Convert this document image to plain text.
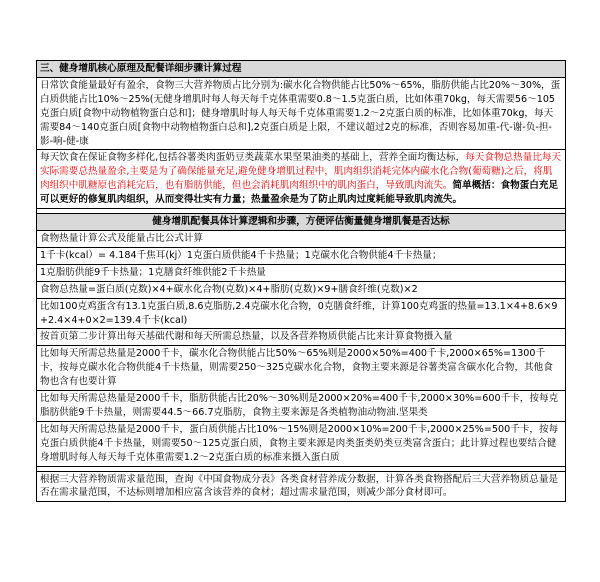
三、健身增肌核心原理及配餐详细步骤计算过程
日常饮食能量最好有盈余，食物三大营养物质占比分别为:碳水化合物供能占比50%～65%，脂肪供能占比20%～30%，蛋白质供能占比10%～25%(无健身增肌时每人每天每千克体重需要0.8～1.5克蛋白质，比如体重70kg，每天需要56～105克蛋白质[食物中动物植物蛋白总和]；健身增肌时每人每天每千克体重需要1.2～2克蛋白质的标准，比如体重70kg，每天需要84～140克蛋白质[食物中动物植物蛋白总和],2克蛋白质是上限，不建议超过2克的标准，否则容易加重-代-谢-负-担-影-响-健-康
每天饮食在保证食物多样化,包括谷薯类肉蛋奶豆类蔬菜水果坚果油类的基础上，营养全面均衡达标，每天食物总热量比每天实际需要总热量盈余,主要是为了确保能量充足,避免健身增肌过程中，肌肉组织消耗完体内碳水化合物(葡萄糖)之后，将肌肉组织中肌糖原也消耗完后，也有脂肪供能，但也会消耗肌肉组织中的肌肉蛋白，导致肌肉流失。简单概括：食物蛋白充足可以更好的修复肌肉组织，从而变得壮实有力量；热量盈余是为了防止肌肉过度耗能导致肌肉流失。
健身增肌配餐具体计算逻辑和步骤，方便评估衡量健身增肌餐是否达标
食物热量计算公式及能量占比公式计算
1千卡(kcal）= 4.184千焦耳(kj）1克蛋白质供能4千卡热量；1克碳水化合物供能4千卡热量；
1克脂肪供能9千卡热量；1克膳食纤维供能2千卡热量
食物总热量=蛋白质(克数)×4+碳水化合物(克数)×4+脂肪(克数)×9+膳食纤维(克数)×2
比如100克鸡蛋含有13.1克蛋白质,8.6克脂肪,2.4克碳水化合物，0克膳食纤维，计算100克鸡蛋的热量=13.1×4+8.6×9+2.4×4+0×2=139.4千卡(kcal)
按首页第二步计算出每天基础代谢和每天所需总热量，以及各营养物质供能占比来计算食物摄入量
比如每天所需总热量是2000千卡，碳水化合物供能占比50%～65%则是2000×50%=400千卡,2000×65%=1300千卡，按每克碳水化合物供能4千卡热量，则需要250～325克碳水化合物，食物主要来源是谷薯类富含碳水化合物，其他食物也含有也要计算
比如每天所需总热量是2000千卡，脂肪供能占比20%～30%则是2000×20%=400千卡,2000×30%=600千卡，按每克脂肪供能9千卡热量，则需要44.5～66.7克脂肪，食物主要来源是各类植物油动物油.坚果类
比如每天所需总热量是2000千卡，蛋白质供能占比10%～15%则是2000×10%=200千卡,2000×25%=500千卡，按每克蛋白质供能4千卡热量，则需要50～125克蛋白质，食物主要来源是肉类蛋类奶类豆类富含蛋白；此计算过程也要结合健身增肌时每人每天每千克体重需要1.2～2克蛋白质的标准来摄入蛋白质
根据三大营养物质需求量范围，查询《中国食物成分表》各类食材营养成分数据，计算各类食物搭配后三大营养物质总量是否在需求量范围，不达标则增加相应富含该营养的食材；超过需求量范围，则减少部分食材即可。
